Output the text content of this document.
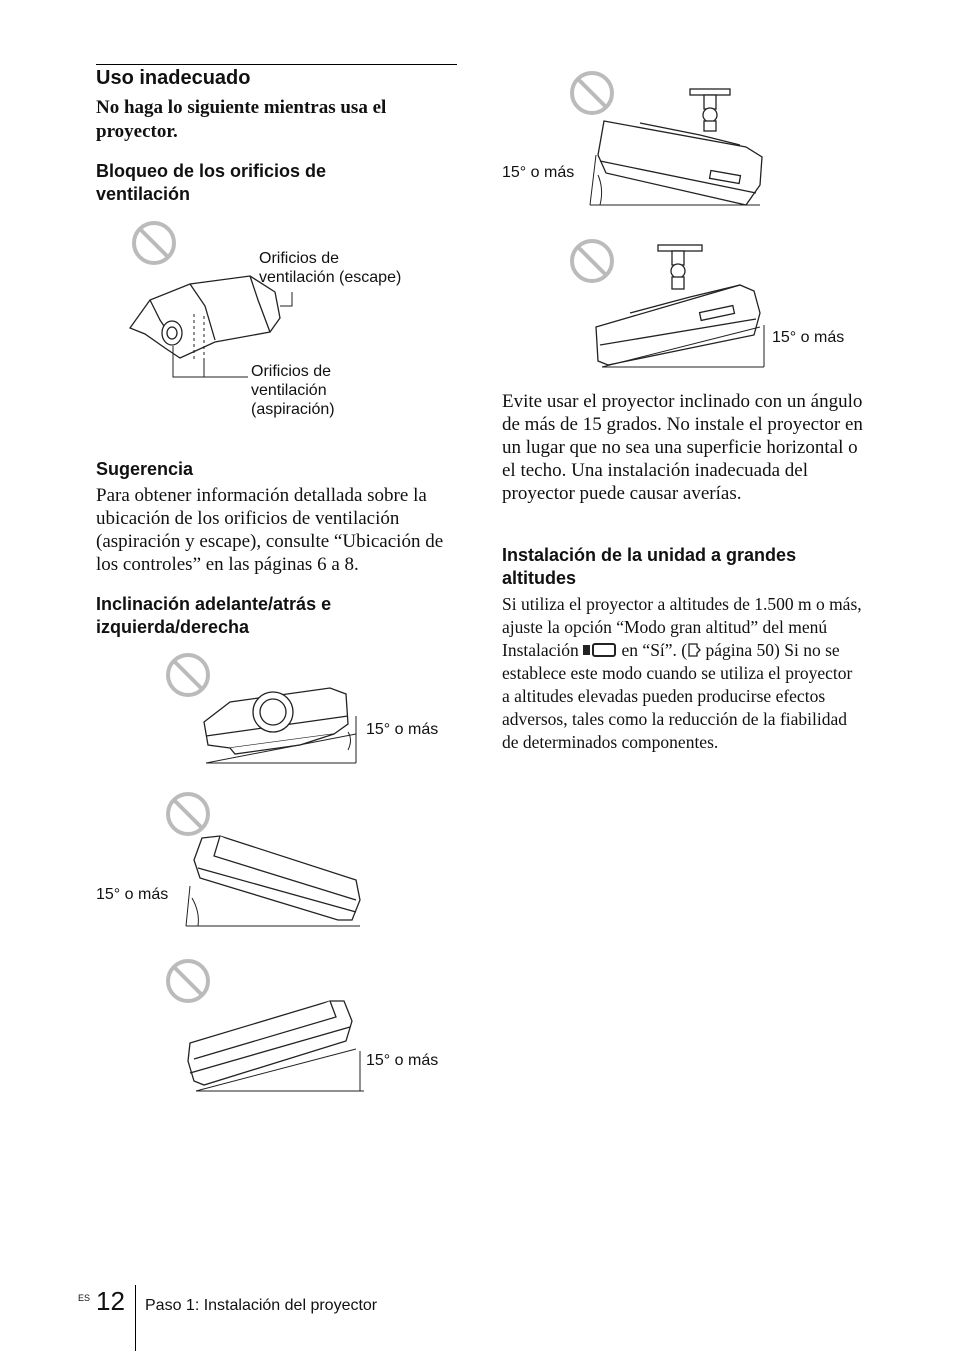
Uso inadecuado
No haga lo siguiente mientras usa el proyector.
Bloqueo de los orificios de ventilación
Orificios de ventilación (escape)
Orificios de ventilación (aspiración)
Sugerencia
Para obtener información detallada sobre la ubicación de los orificios de ventilación (aspiración y escape), consulte “Ubicación de los controles” en las páginas 6 a 8.
Inclinación adelante/atrás e izquierda/derecha
15° o más
15° o más
15° o más
15° o más
15° o más
Evite usar el proyector inclinado con un ángulo de más de 15 grados. No instale el proyector en un lugar que no sea una superficie horizontal o el techo. Una instalación inadecuada del proyector puede causar averías.
Instalación de la unidad a grandes altitudes
Si utiliza el proyector a altitudes de 1.500 m o más, ajuste la opción “Modo gran altitud” del menú Instalación en “Sí”. ( página 50) Si no se establece este modo cuando se utiliza el proyector a altitudes elevadas pueden producirse efectos adversos, tales como la reducción de la fiabilidad de determinados componentes.
ES 12 Paso 1: Instalación del proyector
